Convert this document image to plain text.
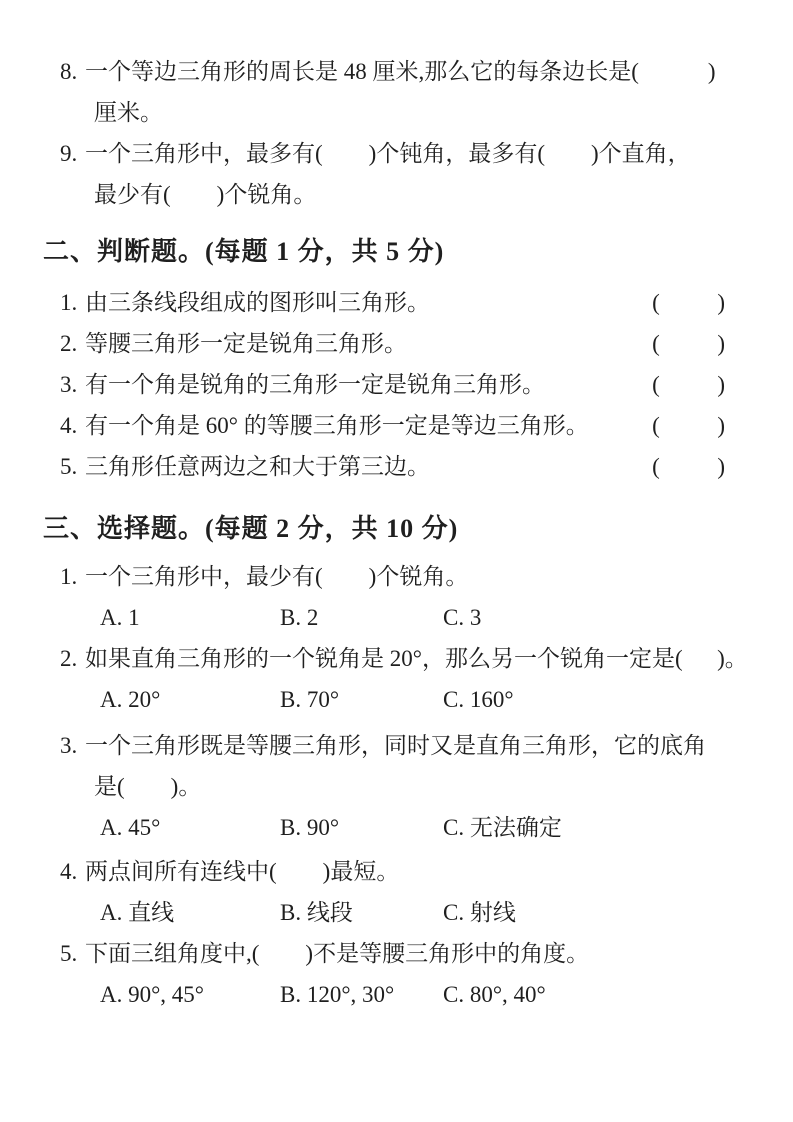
8. 一个等边三角形的周长是 48 厘米,那么它的每条边长是(            )
厘米。
9. 一个三角形中，最多有(        )个钝角，最多有(        )个直角，
最少有(        )个锐角。
二、判断题。(每题 1 分，共 5 分)
1. 由三条线段组成的图形叫三角形。	(          )
2. 等腰三角形一定是锐角三角形。	(          )
3. 有一个角是锐角的三角形一定是锐角三角形。	(          )
4. 有一个角是 60° 的等腰三角形一定是等边三角形。	(          )
5. 三角形任意两边之和大于第三边。	(          )
三、选择题。(每题 2 分，共 10 分)
1. 一个三角形中，最少有(        )个锐角。
A. 1	B. 2	C. 3
2. 如果直角三角形的一个锐角是 20°，那么另一个锐角一定是(      )。
A. 20°	B. 70°	C. 160°
3. 一个三角形既是等腰三角形，同时又是直角三角形，它的底角
是(        )。
A. 45°	B. 90°	C. 无法确定
4. 两点间所有连线中(        )最短。
A. 直线	B. 线段	C. 射线
5. 下面三组角度中,(        )不是等腰三角形中的角度。
A. 90°, 45°	B. 120°, 30°	C. 80°, 40°
